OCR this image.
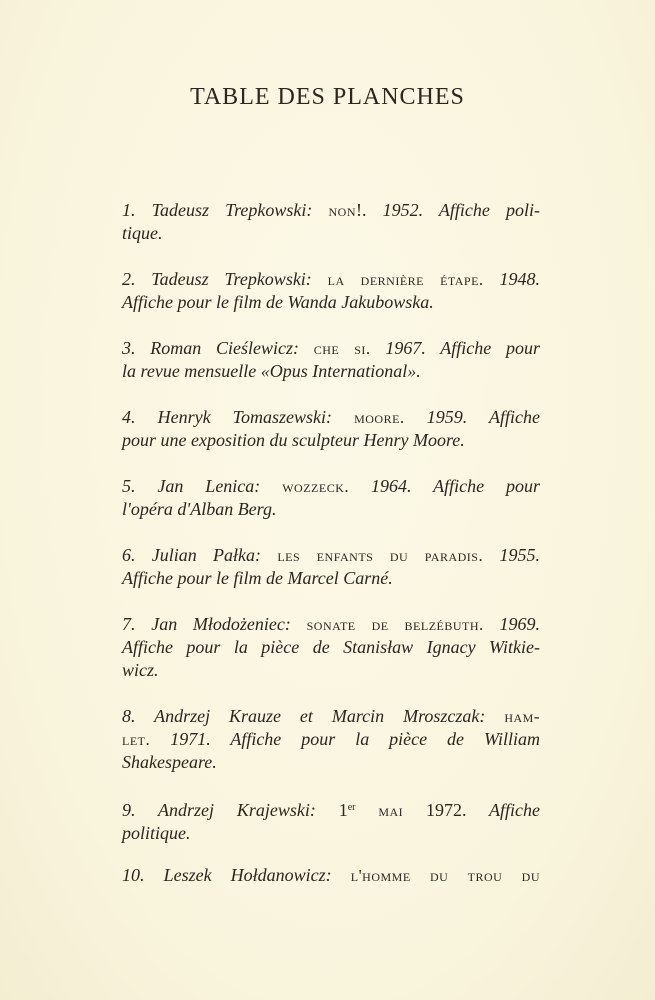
TABLE DES PLANCHES
1. Tadeusz Trepkowski: non!. 1952. Affiche poli-
tique.
2. Tadeusz Trepkowski: la dernière étape. 1948.
Affiche pour le film de Wanda Jakubowska.
3. Roman Cieślewicz: che si. 1967. Affiche pour
la revue mensuelle «Opus International».
4. Henryk Tomaszewski: moore. 1959. Affiche
pour une exposition du sculpteur Henry Moore.
5. Jan Lenica: wozzeck. 1964. Affiche pour
l'opéra d'Alban Berg.
6. Julian Pałka: les enfants du paradis. 1955.
Affiche pour le film de Marcel Carné.
7. Jan Młodożeniec: sonate de belzébuth. 1969.
Affiche pour la pièce de Stanisław Ignacy Witkie-
wicz.
8. Andrzej Krauze et Marcin Mroszczak: ham-
let. 1971. Affiche pour la pièce de William
Shakespeare.
9. Andrzej Krajewski: 1er mai 1972. Affiche
politique.
10. Leszek Hołdanowicz: l'homme du trou du
